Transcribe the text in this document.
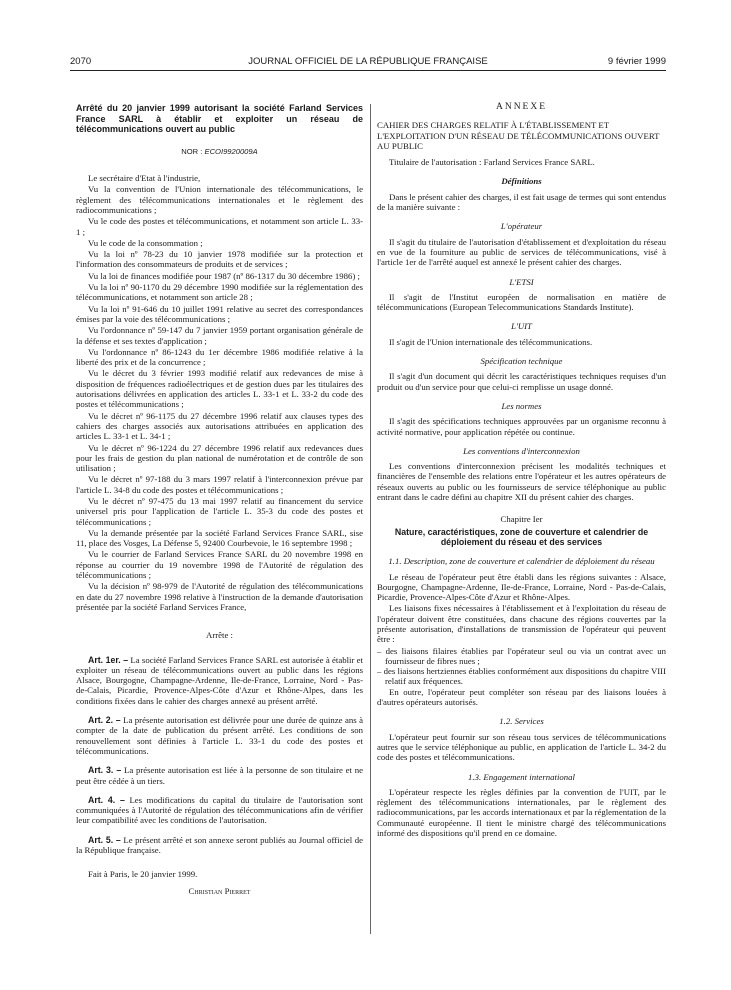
2070	JOURNAL OFFICIEL DE LA RÉPUBLIQUE FRANÇAISE	9 février 1999

Arrêté du 20 janvier 1999 autorisant la société Farland Services France SARL à établir et exploiter un réseau de télécommunications ouvert au public

NOR : ECOI9920009A

Le secrétaire d'Etat à l'industrie,

Vu la convention de l'Union internationale des télécommunications, le règlement des télécommunications internationales et le règlement des radiocommunications ;

Vu le code des postes et télécommunications, et notamment son article L. 33-1 ;

Vu le code de la consommation ;

Vu la loi nº 78-23 du 10 janvier 1978 modifiée sur la protection et l'information des consommateurs de produits et de services ;

Vu la loi de finances modifiée pour 1987 (nº 86-1317 du 30 décembre 1986) ;

Vu la loi nº 90-1170 du 29 décembre 1990 modifiée sur la réglementation des télécommunications, et notamment son article 28 ;

Vu la loi nº 91-646 du 10 juillet 1991 relative au secret des correspondances émises par la voie des télécommunications ;

Vu l'ordonnance nº 59-147 du 7 janvier 1959 portant organisation générale de la défense et ses textes d'application ;

Vu l'ordonnance nº 86-1243 du 1er décembre 1986 modifiée relative à la liberté des prix et de la concurrence ;

Vu le décret du 3 février 1993 modifié relatif aux redevances de mise à disposition de fréquences radioélectriques et de gestion dues par les titulaires des autorisations délivrées en application des articles L. 33-1 et L. 33-2 du code des postes et télécommunications ;

Vu le décret nº 96-1175 du 27 décembre 1996 relatif aux clauses types des cahiers des charges associés aux autorisations attribuées en application des articles L. 33-1 et L. 34-1 ;

Vu le décret nº 96-1224 du 27 décembre 1996 relatif aux redevances dues pour les frais de gestion du plan national de numérotation et de contrôle de son utilisation ;

Vu le décret nº 97-188 du 3 mars 1997 relatif à l'interconnexion prévue par l'article L. 34-8 du code des postes et télécommunications ;

Vu le décret nº 97-475 du 13 mai 1997 relatif au financement du service universel pris pour l'application de l'article L. 35-3 du code des postes et télécommunications ;

Vu la demande présentée par la société Farland Services France SARL, sise 11, place des Vosges, La Défense 5, 92400 Courbevoie, le 16 septembre 1998 ;

Vu le courrier de Farland Services France SARL du 20 novembre 1998 en réponse au courrier du 19 novembre 1998 de l'Autorité de régulation des télécommunications ;

Vu la décision nº 98-979 de l'Autorité de régulation des télécommunications en date du 27 novembre 1998 relative à l'instruction de la demande d'autorisation présentée par la société Farland Services France,

Arrête :

Art. 1er. – La société Farland Services France SARL est autorisée à établir et exploiter un réseau de télécommunications ouvert au public dans les régions Alsace, Bourgogne, Champagne-Ardenne, Ile-de-France, Lorraine, Nord - Pas-de-Calais, Picardie, Provence-Alpes-Côte d'Azur et Rhône-Alpes, dans les conditions fixées dans le cahier des charges annexé au présent arrêté.

Art. 2. – La présente autorisation est délivrée pour une durée de quinze ans à compter de la date de publication du présent arrêté. Les conditions de son renouvellement sont définies à l'article L. 33-1 du code des postes et télécommunications.

Art. 3. – La présente autorisation est liée à la personne de son titulaire et ne peut être cédée à un tiers.

Art. 4. – Les modifications du capital du titulaire de l'autorisation sont communiquées à l'Autorité de régulation des télécommunications afin de vérifier leur compatibilité avec les conditions de l'autorisation.

Art. 5. – Le présent arrêté et son annexe seront publiés au Journal officiel de la République française.

Fait à Paris, le 20 janvier 1999.

Christian Pierret

ANNEXE

CAHIER DES CHARGES RELATIF À L'ÉTABLISSEMENT ET L'EXPLOITATION D'UN RÉSEAU DE TÉLÉCOMMUNICATIONS OUVERT AU PUBLIC

Titulaire de l'autorisation : Farland Services France SARL.

Définitions

Dans le présent cahier des charges, il est fait usage de termes qui sont entendus de la manière suivante :

L'opérateur

Il s'agit du titulaire de l'autorisation d'établissement et d'exploitation du réseau en vue de la fourniture au public de services de télécommunications, visé à l'article 1er de l'arrêté auquel est annexé le présent cahier des charges.

L'ETSI

Il s'agit de l'Institut européen de normalisation en matière de télécommunications (European Telecommunications Standards Institute).

L'UIT

Il s'agit de l'Union internationale des télécommunications.

Spécification technique

Il s'agit d'un document qui décrit les caractéristiques techniques requises d'un produit ou d'un service pour que celui-ci remplisse un usage donné.

Les normes

Il s'agit des spécifications techniques approuvées par un organisme reconnu à activité normative, pour application répétée ou continue.

Les conventions d'interconnexion

Les conventions d'interconnexion précisent les modalités techniques et financières de l'ensemble des relations entre l'opérateur et les autres opérateurs de réseaux ouverts au public ou les fournisseurs de service téléphonique au public entrant dans le cadre défini au chapitre XII du présent cahier des charges.

Chapitre Ier

Nature, caractéristiques, zone de couverture et calendrier de déploiement du réseau et des services

1.1. Description, zone de couverture et calendrier de déploiement du réseau

Le réseau de l'opérateur peut être établi dans les régions suivantes : Alsace, Bourgogne, Champagne-Ardenne, Ile-de-France, Lorraine, Nord - Pas-de-Calais, Picardie, Provence-Alpes-Côte d'Azur et Rhône-Alpes.

Les liaisons fixes nécessaires à l'établissement et à l'exploitation du réseau de l'opérateur doivent être constituées, dans chacune des régions couvertes par la présente autorisation, d'installations de transmission de l'opérateur qui peuvent être :

– des liaisons filaires établies par l'opérateur seul ou via un contrat avec un fournisseur de fibres nues ;

– des liaisons hertziennes établies conformément aux dispositions du chapitre VIII relatif aux fréquences.

En outre, l'opérateur peut compléter son réseau par des liaisons louées à d'autres opérateurs autorisés.

1.2. Services

L'opérateur peut fournir sur son réseau tous services de télécommunications autres que le service téléphonique au public, en application de l'article L. 34-2 du code des postes et télécommunications.

1.3. Engagement international

L'opérateur respecte les règles définies par la convention de l'UIT, par le règlement des télécommunications internationales, par le règlement des radiocommunications, par les accords internationaux et par la réglementation de la Communauté européenne. Il tient le ministre chargé des télécommunications informé des dispositions qu'il prend en ce domaine.
